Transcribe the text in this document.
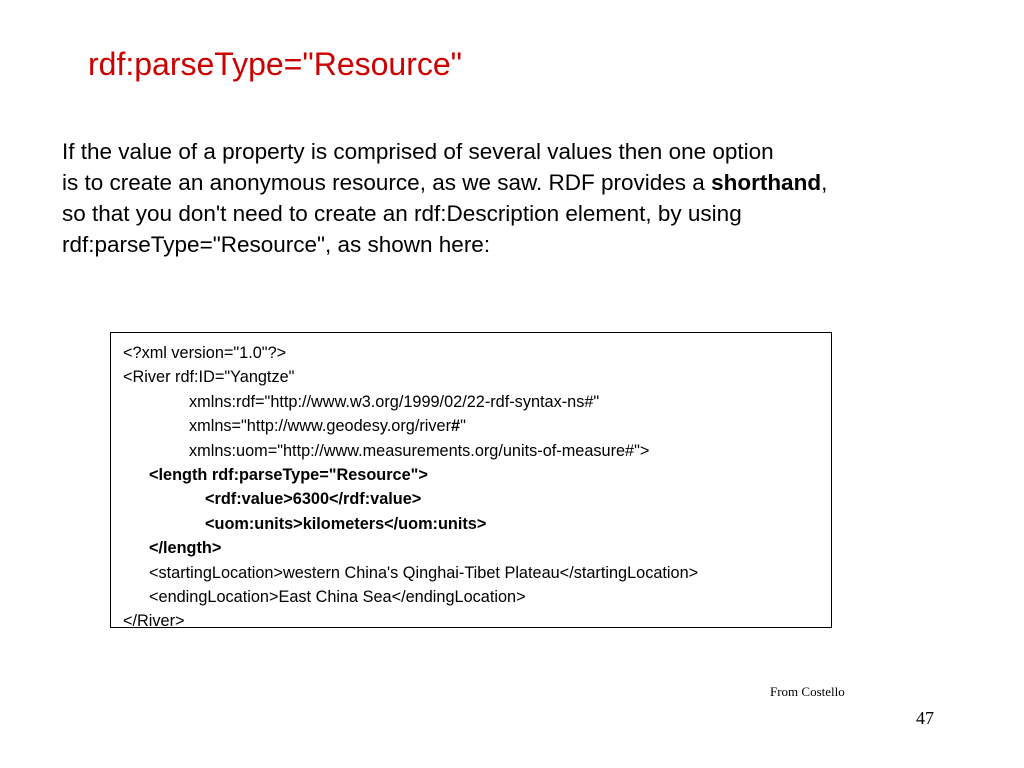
rdf:parseType="Resource"
If the value of a property is comprised of several values then one option
is to create an anonymous resource, as we saw. RDF provides a shorthand,
so that you don't need to create an rdf:Description element, by using
rdf:parseType="Resource", as shown here:
<?xml version="1.0"?>
<River rdf:ID="Yangtze"
xmlns:rdf="http://www.w3.org/1999/02/22-rdf-syntax-ns#"
xmlns="http://www.geodesy.org/river#"
xmlns:uom="http://www.measurements.org/units-of-measure#">
<length rdf:parseType="Resource">
<rdf:value>6300</rdf:value>
<uom:units>kilometers</uom:units>
</length>
<startingLocation>western China's Qinghai-Tibet Plateau</startingLocation>
<endingLocation>East China Sea</endingLocation>
</River>
From Costello
47
